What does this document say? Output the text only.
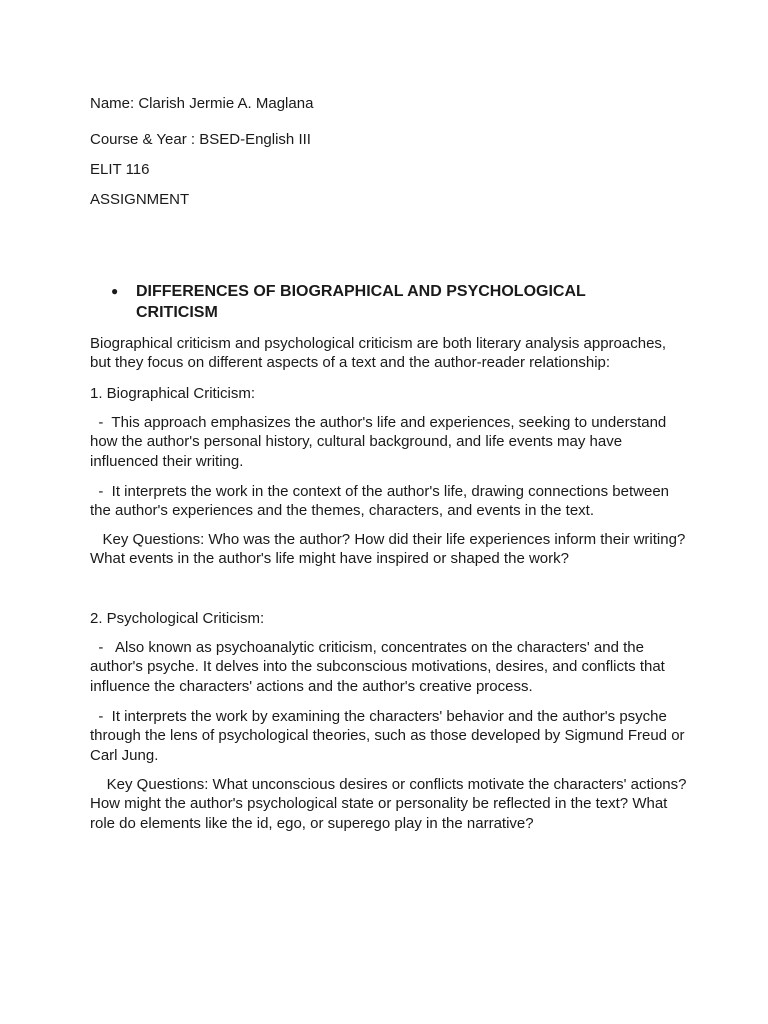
Name: Clarish Jermie A. Maglana
Course & Year : BSED-English III
ELIT 116
ASSIGNMENT
● DIFFERENCES OF BIOGRAPHICAL AND PSYCHOLOGICAL CRITICISM
Biographical criticism and psychological criticism are both literary analysis approaches, but they focus on different aspects of a text and the author-reader relationship:
1. Biographical Criticism:
-  This approach emphasizes the author's life and experiences, seeking to understand how the author's personal history, cultural background, and life events may have influenced their writing.
-  It interprets the work in the context of the author's life, drawing connections between the author's experiences and the themes, characters, and events in the text.
Key Questions: Who was the author? How did their life experiences inform their writing? What events in the author's life might have inspired or shaped the work?
2. Psychological Criticism:
-   Also known as psychoanalytic criticism, concentrates on the characters' and the author's psyche. It delves into the subconscious motivations, desires, and conflicts that influence the characters' actions and the author's creative process.
-  It interprets the work by examining the characters' behavior and the author's psyche through the lens of psychological theories, such as those developed by Sigmund Freud or Carl Jung.
Key Questions: What unconscious desires or conflicts motivate the characters' actions? How might the author's psychological state or personality be reflected in the text? What role do elements like the id, ego, or superego play in the narrative?
